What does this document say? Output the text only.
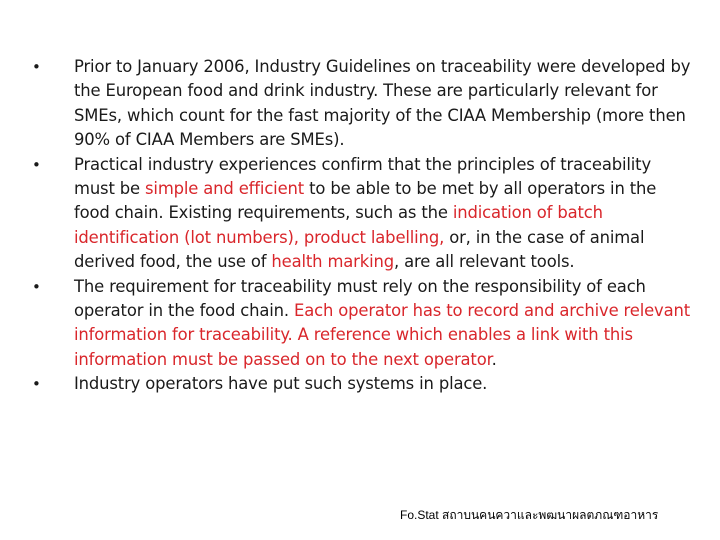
• Prior to January 2006, Industry Guidelines on traceability were developed by the European food and drink industry. These are particularly relevant for SMEs, which count for the fast majority of the CIAA Membership (more then 90% of CIAA Members are SMEs).
• Practical industry experiences confirm that the principles of traceability must be simple and efficient to be able to be met by all operators in the food chain. Existing requirements, such as the indication of batch identification (lot numbers), product labelling, or, in the case of animal derived food, the use of health marking, are all relevant tools.
• The requirement for traceability must rely on the responsibility of each operator in the food chain. Each operator has to record and archive relevant information for traceability. A reference which enables a link with this information must be passed on to the next operator.
• Industry operators have put such systems in place.
Fo.Stat สถาบนคนควาและพฒนาผลตภณฑอาหาร
